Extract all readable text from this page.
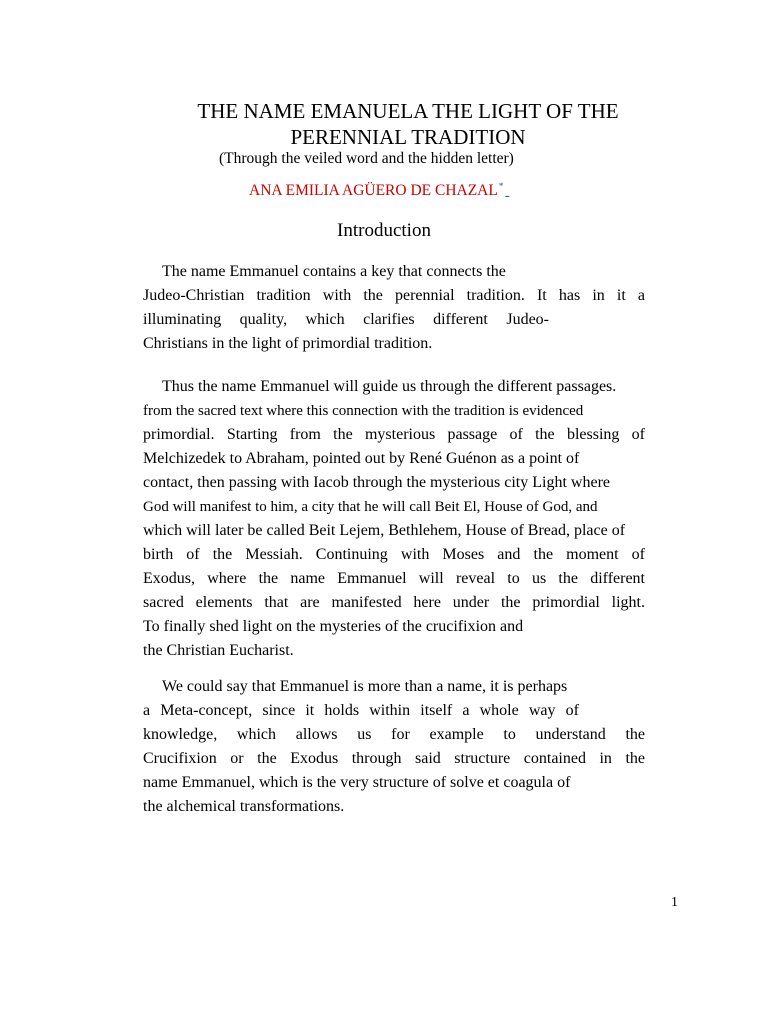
THE NAME EMANUELA THE LIGHT OF THE
PERENNIAL TRADITION
(Through the veiled word and the hidden letter)
ANA EMILIA AGÜERO DE CHAZAL*
Introduction
The name Emmanuel contains a key that connects the
Judeo-Christian tradition with the perennial tradition. It has in it a
illuminating quality, which clarifies different Judeo-
Christians in the light of primordial tradition.
Thus the name Emmanuel will guide us through the different passages.
from the sacred text where this connection with the tradition is evidenced
primordial. Starting from the mysterious passage of the blessing of
Melchizedek to Abraham, pointed out by René Guénon as a point of
contact, then passing with Iacob through the mysterious city Light where
God will manifest to him, a city that he will call Beit El, House of God, and
which will later be called Beit Lejem, Bethlehem, House of Bread, place of
birth of the Messiah. Continuing with Moses and the moment of
Exodus, where the name Emmanuel will reveal to us the different
sacred elements that are manifested here under the primordial light.
To finally shed light on the mysteries of the crucifixion and
the Christian Eucharist.
We could say that Emmanuel is more than a name, it is perhaps
a Meta-concept, since it holds within itself a whole way of
knowledge, which allows us for example to understand the
Crucifixion or the Exodus through said structure contained in the
name Emmanuel, which is the very structure of solve et coagula of
the alchemical transformations.
1
